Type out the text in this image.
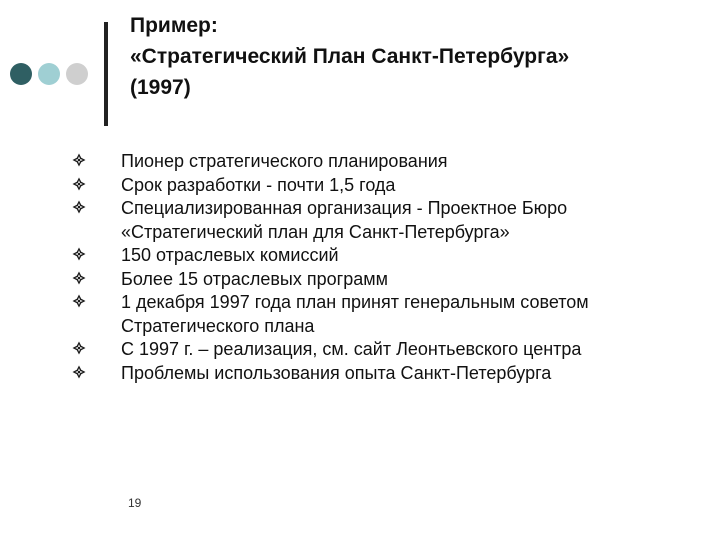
Пример:
«Стратегический План Санкт-Петербурга»
(1997)
Пионер стратегического планирования
Срок разработки - почти 1,5 года
Специализированная организация - Проектное Бюро
«Стратегический план для Санкт-Петербурга»
150 отраслевых комиссий
Более 15 отраслевых программ
1 декабря 1997 года план принят генеральным советом
Стратегического плана
С 1997 г. – реализация, см. сайт Леонтьевского центра
Проблемы использования опыта Санкт-Петербурга
19
